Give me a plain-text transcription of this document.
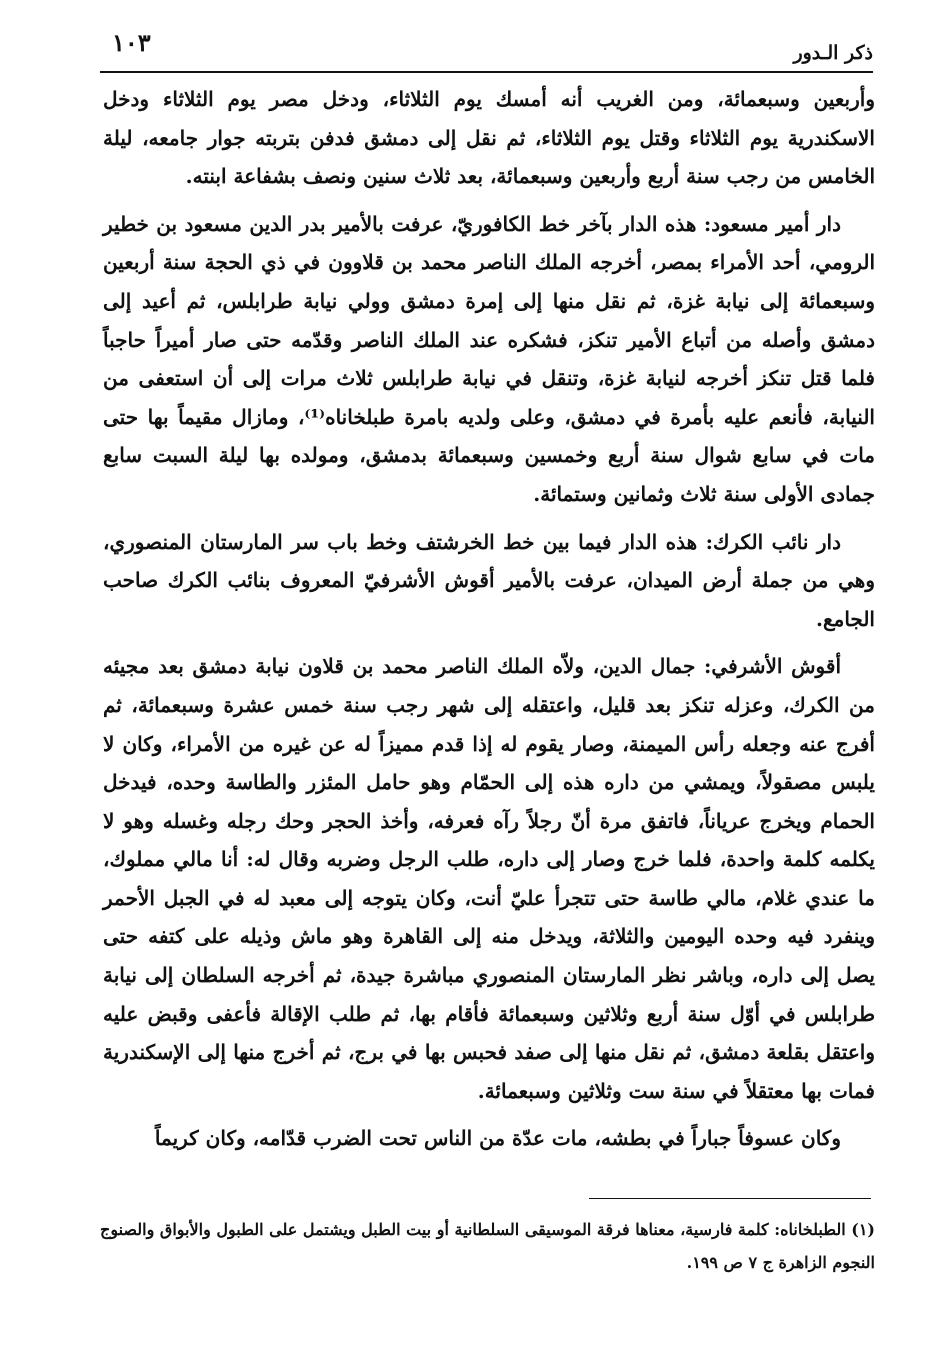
ذكر الـدور
١٠٣

وأربعين وسبعمائة، ومن الغريب أنه أمسك يوم الثلاثاء، ودخل مصر يوم الثلاثاء ودخل الاسكندرية يوم الثلاثاء وقتل يوم الثلاثاء، ثم نقل إلى دمشق فدفن بتربته جوار جامعه، ليلة الخامس من رجب سنة أربع وأربعين وسبعمائة، بعد ثلاث سنين ونصف بشفاعة ابنته.

دار أمير مسعود: هذه الدار بآخر خط الكافوريّ، عرفت بالأمير بدر الدين مسعود بن خطير الرومي، أحد الأمراء بمصر، أخرجه الملك الناصر محمد بن قلاوون في ذي الحجة سنة أربعين وسبعمائة إلى نيابة غزة، ثم نقل منها إلى إمرة دمشق وولي نيابة طرابلس، ثم أعيد إلى دمشق وأصله من أتباع الأمير تنكز، فشكره عند الملك الناصر وقدّمه حتى صار أميراً حاجباً فلما قتل تنكز أخرجه لنيابة غزة، وتنقل في نيابة طرابلس ثلاث مرات إلى أن استعفى من النيابة، فأنعم عليه بأمرة في دمشق، وعلى ولديه بامرة طبلخاناه⁽¹⁾، ومازال مقيماً بها حتى مات في سابع شوال سنة أربع وخمسين وسبعمائة بدمشق، ومولده بها ليلة السبت سابع جمادى الأولى سنة ثلاث وثمانين وستمائة.

دار نائب الكرك: هذه الدار فيما بين خط الخرشتف وخط باب سر المارستان المنصوري، وهي من جملة أرض الميدان، عرفت بالأمير أقوش الأشرفيّ المعروف بنائب الكرك صاحب الجامع.

أقوش الأشرفي: جمال الدين، ولاّه الملك الناصر محمد بن قلاون نيابة دمشق بعد مجيئه من الكرك، وعزله تنكز بعد قليل، واعتقله إلى شهر رجب سنة خمس عشرة وسبعمائة، ثم أفرج عنه وجعله رأس الميمنة، وصار يقوم له إذا قدم مميزاً له عن غيره من الأمراء، وكان لا يلبس مصقولاً، ويمشي من داره هذه إلى الحمّام وهو حامل المئزر والطاسة وحده، فيدخل الحمام ويخرج عرياناً، فاتفق مرة أنّ رجلاً رآه فعرفه، وأخذ الحجر وحك رجله وغسله وهو لا يكلمه كلمة واحدة، فلما خرج وصار إلى داره، طلب الرجل وضربه وقال له: أنا مالي مملوك، ما عندي غلام، مالي طاسة حتى تتجرأ عليّ أنت، وكان يتوجه إلى معبد له في الجبل الأحمر وينفرد فيه وحده اليومين والثلاثة، ويدخل منه إلى القاهرة وهو ماش وذيله على كتفه حتى يصل إلى داره، وباشر نظر المارستان المنصوري مباشرة جيدة، ثم أخرجه السلطان إلى نيابة طرابلس في أوّل سنة أربع وثلاثين وسبعمائة فأقام بها، ثم طلب الإقالة فأعفى وقبض عليه واعتقل بقلعة دمشق، ثم نقل منها إلى صفد فحبس بها في برج، ثم أخرج منها إلى الإسكندرية فمات بها معتقلاً في سنة ست وثلاثين وسبعمائة.

وكان عسوفاً جباراً في بطشه، مات عدّة من الناس تحت الضرب قدّامه، وكان كريماً

(١) الطبلخاناه: كلمة فارسية، معناها فرقة الموسيقى السلطانية أو بيت الطبل ويشتمل على الطبول والأبواق والصنوج النجوم الزاهرة ج ٧ ص ١٩٩.
